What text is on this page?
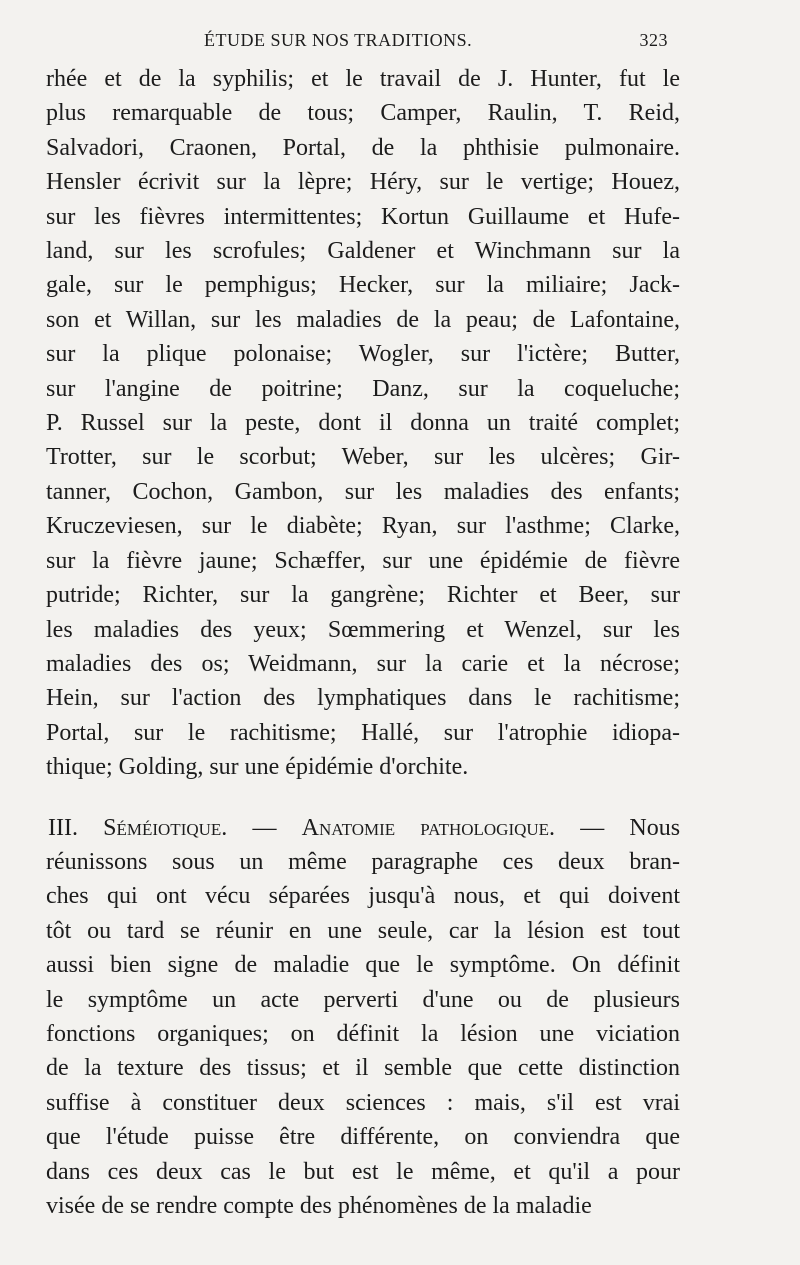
ÉTUDE SUR NOS TRADITIONS.	323
rhée et de la syphilis; et le travail de J. Hunter, fut le
plus remarquable de tous; Camper, Raulin, T. Reid,
Salvadori, Craonen, Portal, de la phthisie pulmonaire.
Hensler écrivit sur la lèpre; Héry, sur le vertige; Houez,
sur les fièvres intermittentes; Kortun Guillaume et Hufe-
land, sur les scrofules; Galdener et Winchmann sur la
gale, sur le pemphigus; Hecker, sur la miliaire; Jack-
son et Willan, sur les maladies de la peau; de Lafontaine,
sur la plique polonaise; Wogler, sur l'ictère; Butter,
sur l'angine de poitrine; Danz, sur la coqueluche;
P. Russel sur la peste, dont il donna un traité complet;
Trotter, sur le scorbut; Weber, sur les ulcères; Gir-
tanner, Cochon, Gambon, sur les maladies des enfants;
Kruczeviesen, sur le diabète; Ryan, sur l'asthme; Clarke,
sur la fièvre jaune; Schæffer, sur une épidémie de fièvre
putride; Richter, sur la gangrène; Richter et Beer, sur
les maladies des yeux; Sœmmering et Wenzel, sur les
maladies des os; Weidmann, sur la carie et la nécrose;
Hein, sur l'action des lymphatiques dans le rachitisme;
Portal, sur le rachitisme; Hallé, sur l'atrophie idiopa-
thique; Golding, sur une épidémie d'orchite.
III. Séméiotique. — Anatomie pathologique. — Nous
réunissons sous un même paragraphe ces deux bran-
ches qui ont vécu séparées jusqu'à nous, et qui doivent
tôt ou tard se réunir en une seule, car la lésion est tout
aussi bien signe de maladie que le symptôme. On définit
le symptôme un acte perverti d'une ou de plusieurs
fonctions organiques; on définit la lésion une viciation
de la texture des tissus; et il semble que cette distinction
suffise à constituer deux sciences : mais, s'il est vrai
que l'étude puisse être différente, on conviendra que
dans ces deux cas le but est le même, et qu'il a pour
visée de se rendre compte des phénomènes de la maladie
